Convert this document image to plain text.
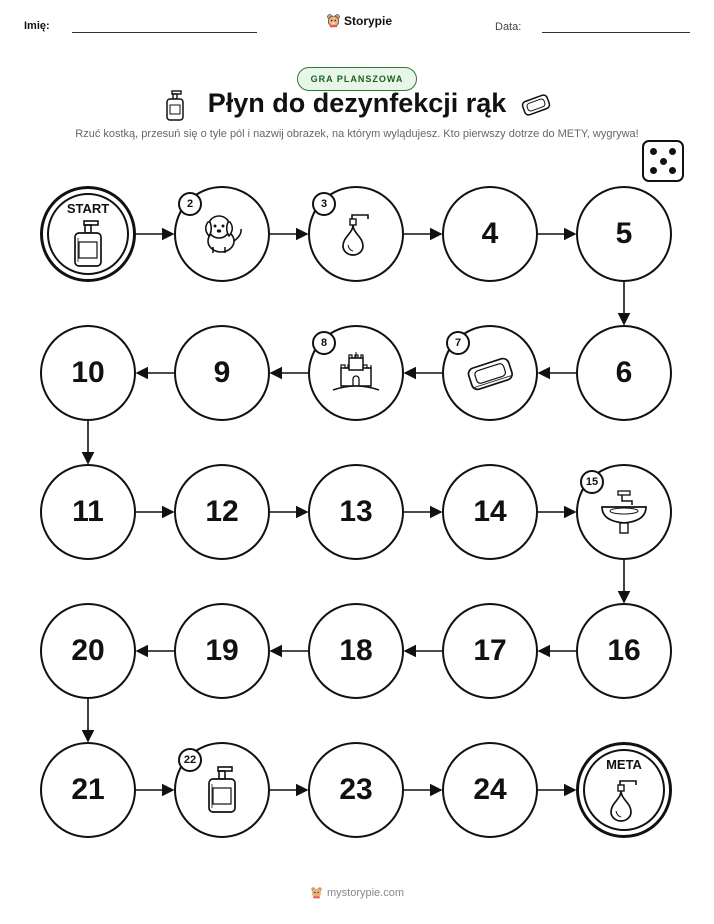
Imię:	Storypie	Data:
GRA PLANSZOWA
Płyn do dezynfekcji rąk
Rzuć kostką, przesuń się o tyle pól i nazwij obrazek, na którym wylądujesz. Kto pierwszy dotrze do METY, wygrywa!
START	2	3
4	5
6
7
8
9
10
11	12	13	14
15
16
17
18
19
20
21
22
23	24
META
mystorypie.com
